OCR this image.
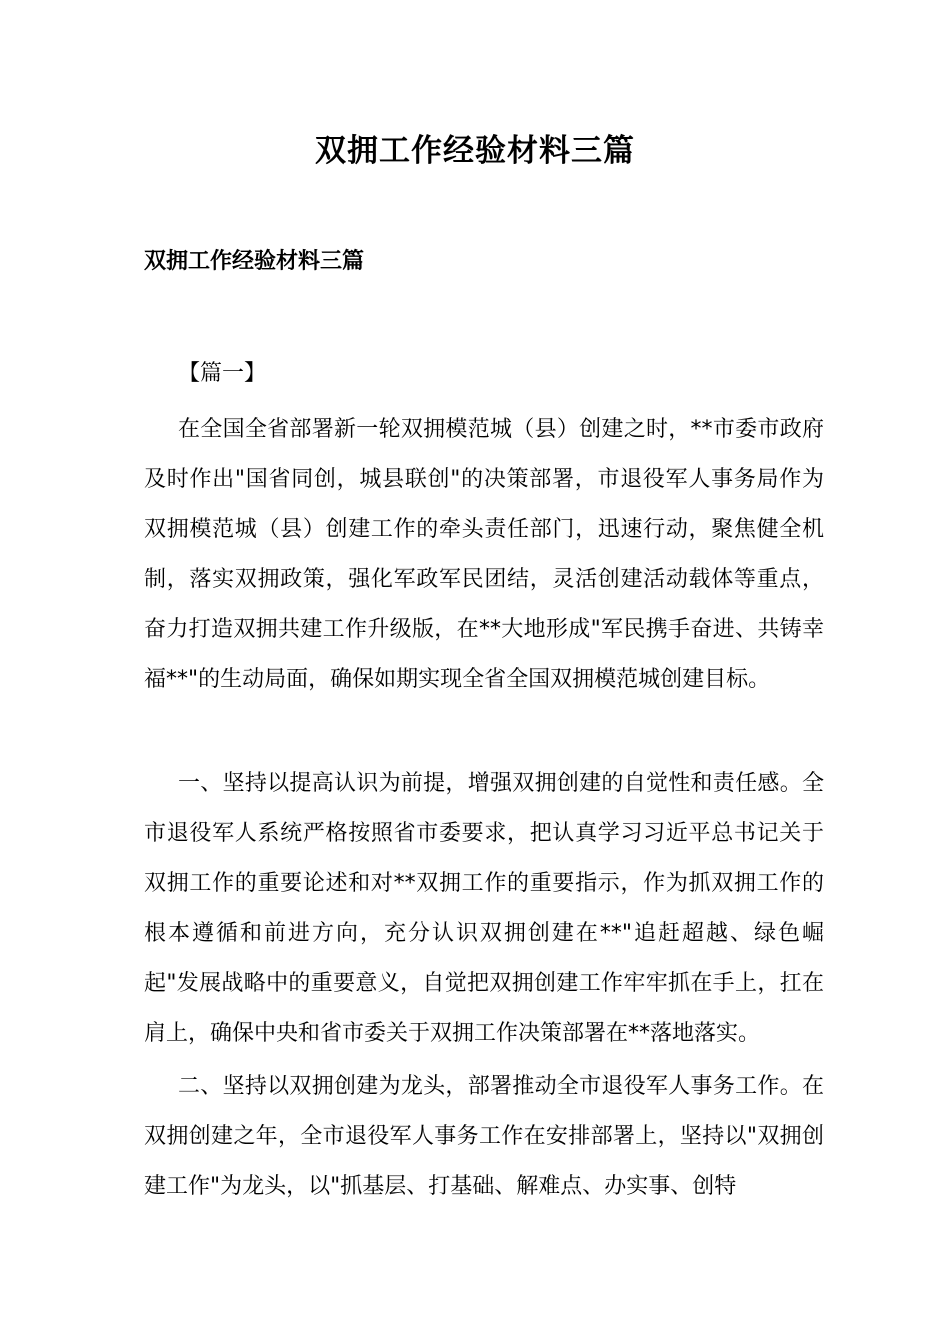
双拥工作经验材料三篇
双拥工作经验材料三篇

【篇一】

在全国全省部署新一轮双拥模范城（县）创建之时，**市委市政府及时作出"国省同创，城县联创"的决策部署，市退役军人事务局作为双拥模范城（县）创建工作的牵头责任部门，迅速行动，聚焦健全机制，落实双拥政策，强化军政军民团结，灵活创建活动载体等重点，奋力打造双拥共建工作升级版，在**大地形成"军民携手奋进、共铸幸福**"的生动局面，确保如期实现全省全国双拥模范城创建目标。

一、坚持以提高认识为前提，增强双拥创建的自觉性和责任感。全市退役军人系统严格按照省市委要求，把认真学习习近平总书记关于双拥工作的重要论述和对**双拥工作的重要指示，作为抓双拥工作的根本遵循和前进方向，充分认识双拥创建在**"追赶超越、绿色崛起"发展战略中的重要意义，自觉把双拥创建工作牢牢抓在手上，扛在肩上，确保中央和省市委关于双拥工作决策部署在**落地落实。

二、坚持以双拥创建为龙头，部署推动全市退役军人事务工作。在双拥创建之年，全市退役军人事务工作在安排部署上，坚持以"双拥创建工作"为龙头，以"抓基层、打基础、解难点、办实事、创特
